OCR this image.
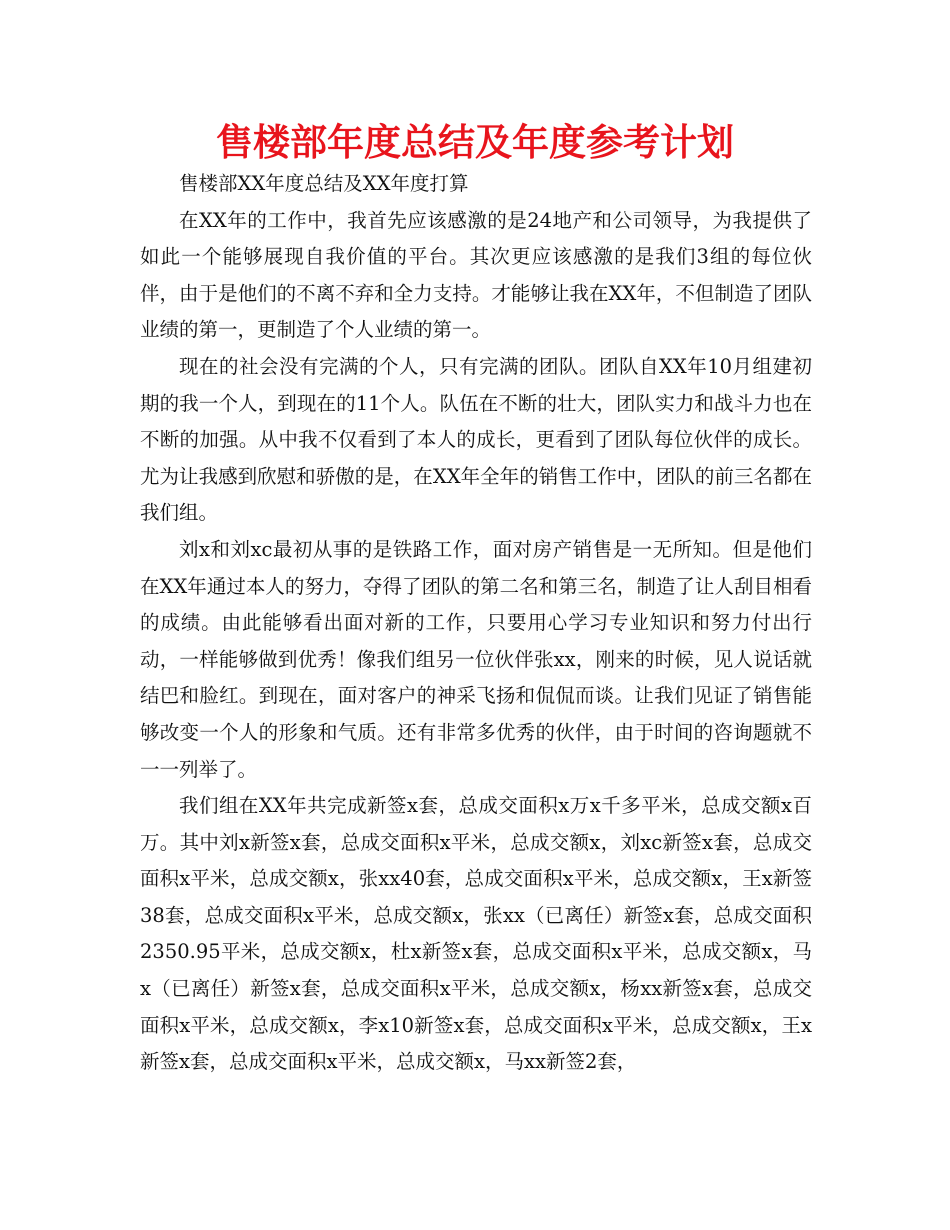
售楼部年度总结及年度参考计划

售楼部XX年度总结及XX年度打算

在XX年的工作中，我首先应该感激的是24地产和公司领导，为我提供了如此一个能够展现自我价值的平台。其次更应该感激的是我们3组的每位伙伴，由于是他们的不离不弃和全力支持。才能够让我在XX年，不但制造了团队业绩的第一，更制造了个人业绩的第一。

现在的社会没有完满的个人，只有完满的团队。团队自XX年10月组建初期的我一个人，到现在的11个人。队伍在不断的壮大，团队实力和战斗力也在不断的加强。从中我不仅看到了本人的成长，更看到了团队每位伙伴的成长。尤为让我感到欣慰和骄傲的是，在XX年全年的销售工作中，团队的前三名都在我们组。

刘x和刘xc最初从事的是铁路工作，面对房产销售是一无所知。但是他们在XX年通过本人的努力，夺得了团队的第二名和第三名，制造了让人刮目相看的成绩。由此能够看出面对新的工作，只要用心学习专业知识和努力付出行动，一样能够做到优秀！像我们组另一位伙伴张xx，刚来的时候，见人说话就结巴和脸红。到现在，面对客户的神采飞扬和侃侃而谈。让我们见证了销售能够改变一个人的形象和气质。还有非常多优秀的伙伴，由于时间的咨询题就不一一列举了。

我们组在XX年共完成新签x套，总成交面积x万x千多平米，总成交额x百万。其中刘x新签x套，总成交面积x平米，总成交额x，刘xc新签x套，总成交面积x平米，总成交额x，张xx40套，总成交面积x平米，总成交额x，王x新签38套，总成交面积x平米，总成交额x，张xx（已离任）新签x套，总成交面积2350.95平米，总成交额x，杜x新签x套，总成交面积x平米，总成交额x，马x（已离任）新签x套，总成交面积x平米，总成交额x，杨xx新签x套，总成交面积x平米，总成交额x，李x10新签x套，总成交面积x平米，总成交额x，王x新签x套，总成交面积x平米，总成交额x，马xx新签2套，
